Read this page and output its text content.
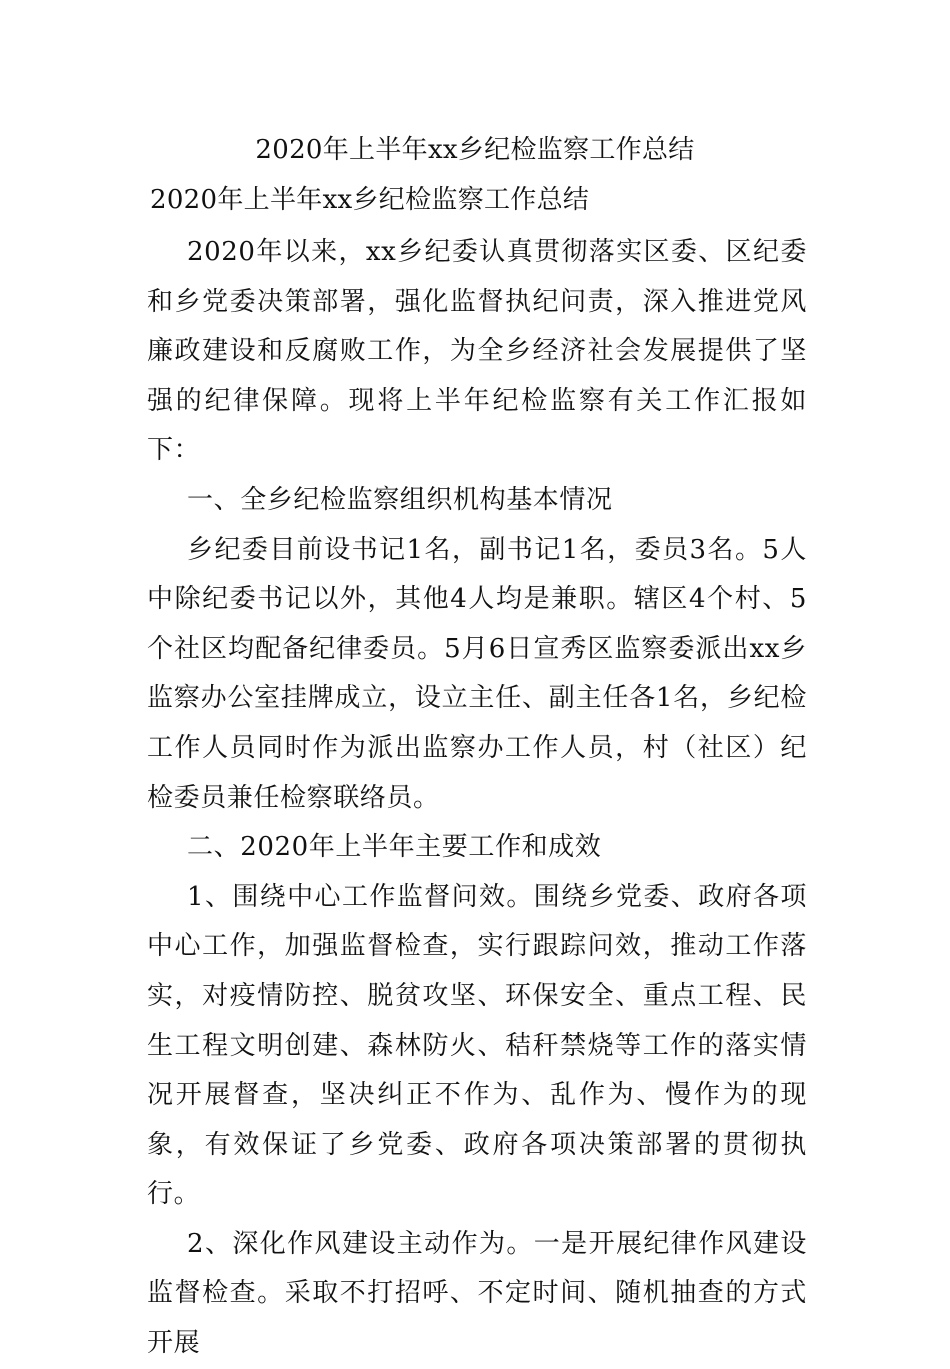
2020年上半年xx乡纪检监察工作总结
2020年上半年xx乡纪检监察工作总结

2020年以来，xx乡纪委认真贯彻落实区委、区纪委和乡党委决策部署，强化监督执纪问责，深入推进党风廉政建设和反腐败工作，为全乡经济社会发展提供了坚强的纪律保障。现将上半年纪检监察有关工作汇报如下：

一、全乡纪检监察组织机构基本情况

乡纪委目前设书记1名，副书记1名，委员3名。5人中除纪委书记以外，其他4人均是兼职。辖区4个村、5个社区均配备纪律委员。5月6日宣秀区监察委派出xx乡监察办公室挂牌成立，设立主任、副主任各1名，乡纪检工作人员同时作为派出监察办工作人员，村（社区）纪检委员兼任检察联络员。

二、2020年上半年主要工作和成效

1、围绕中心工作监督问效。围绕乡党委、政府各项中心工作，加强监督检查，实行跟踪问效，推动工作落实，对疫情防控、脱贫攻坚、环保安全、重点工程、民生工程文明创建、森林防火、秸秆禁烧等工作的落实情况开展督查，坚决纠正不作为、乱作为、慢作为的现象，有效保证了乡党委、政府各项决策部署的贯彻执行。

2、深化作风建设主动作为。一是开展纪律作风建设监督检查。采取不打招呼、不定时间、随机抽查的方式开展
